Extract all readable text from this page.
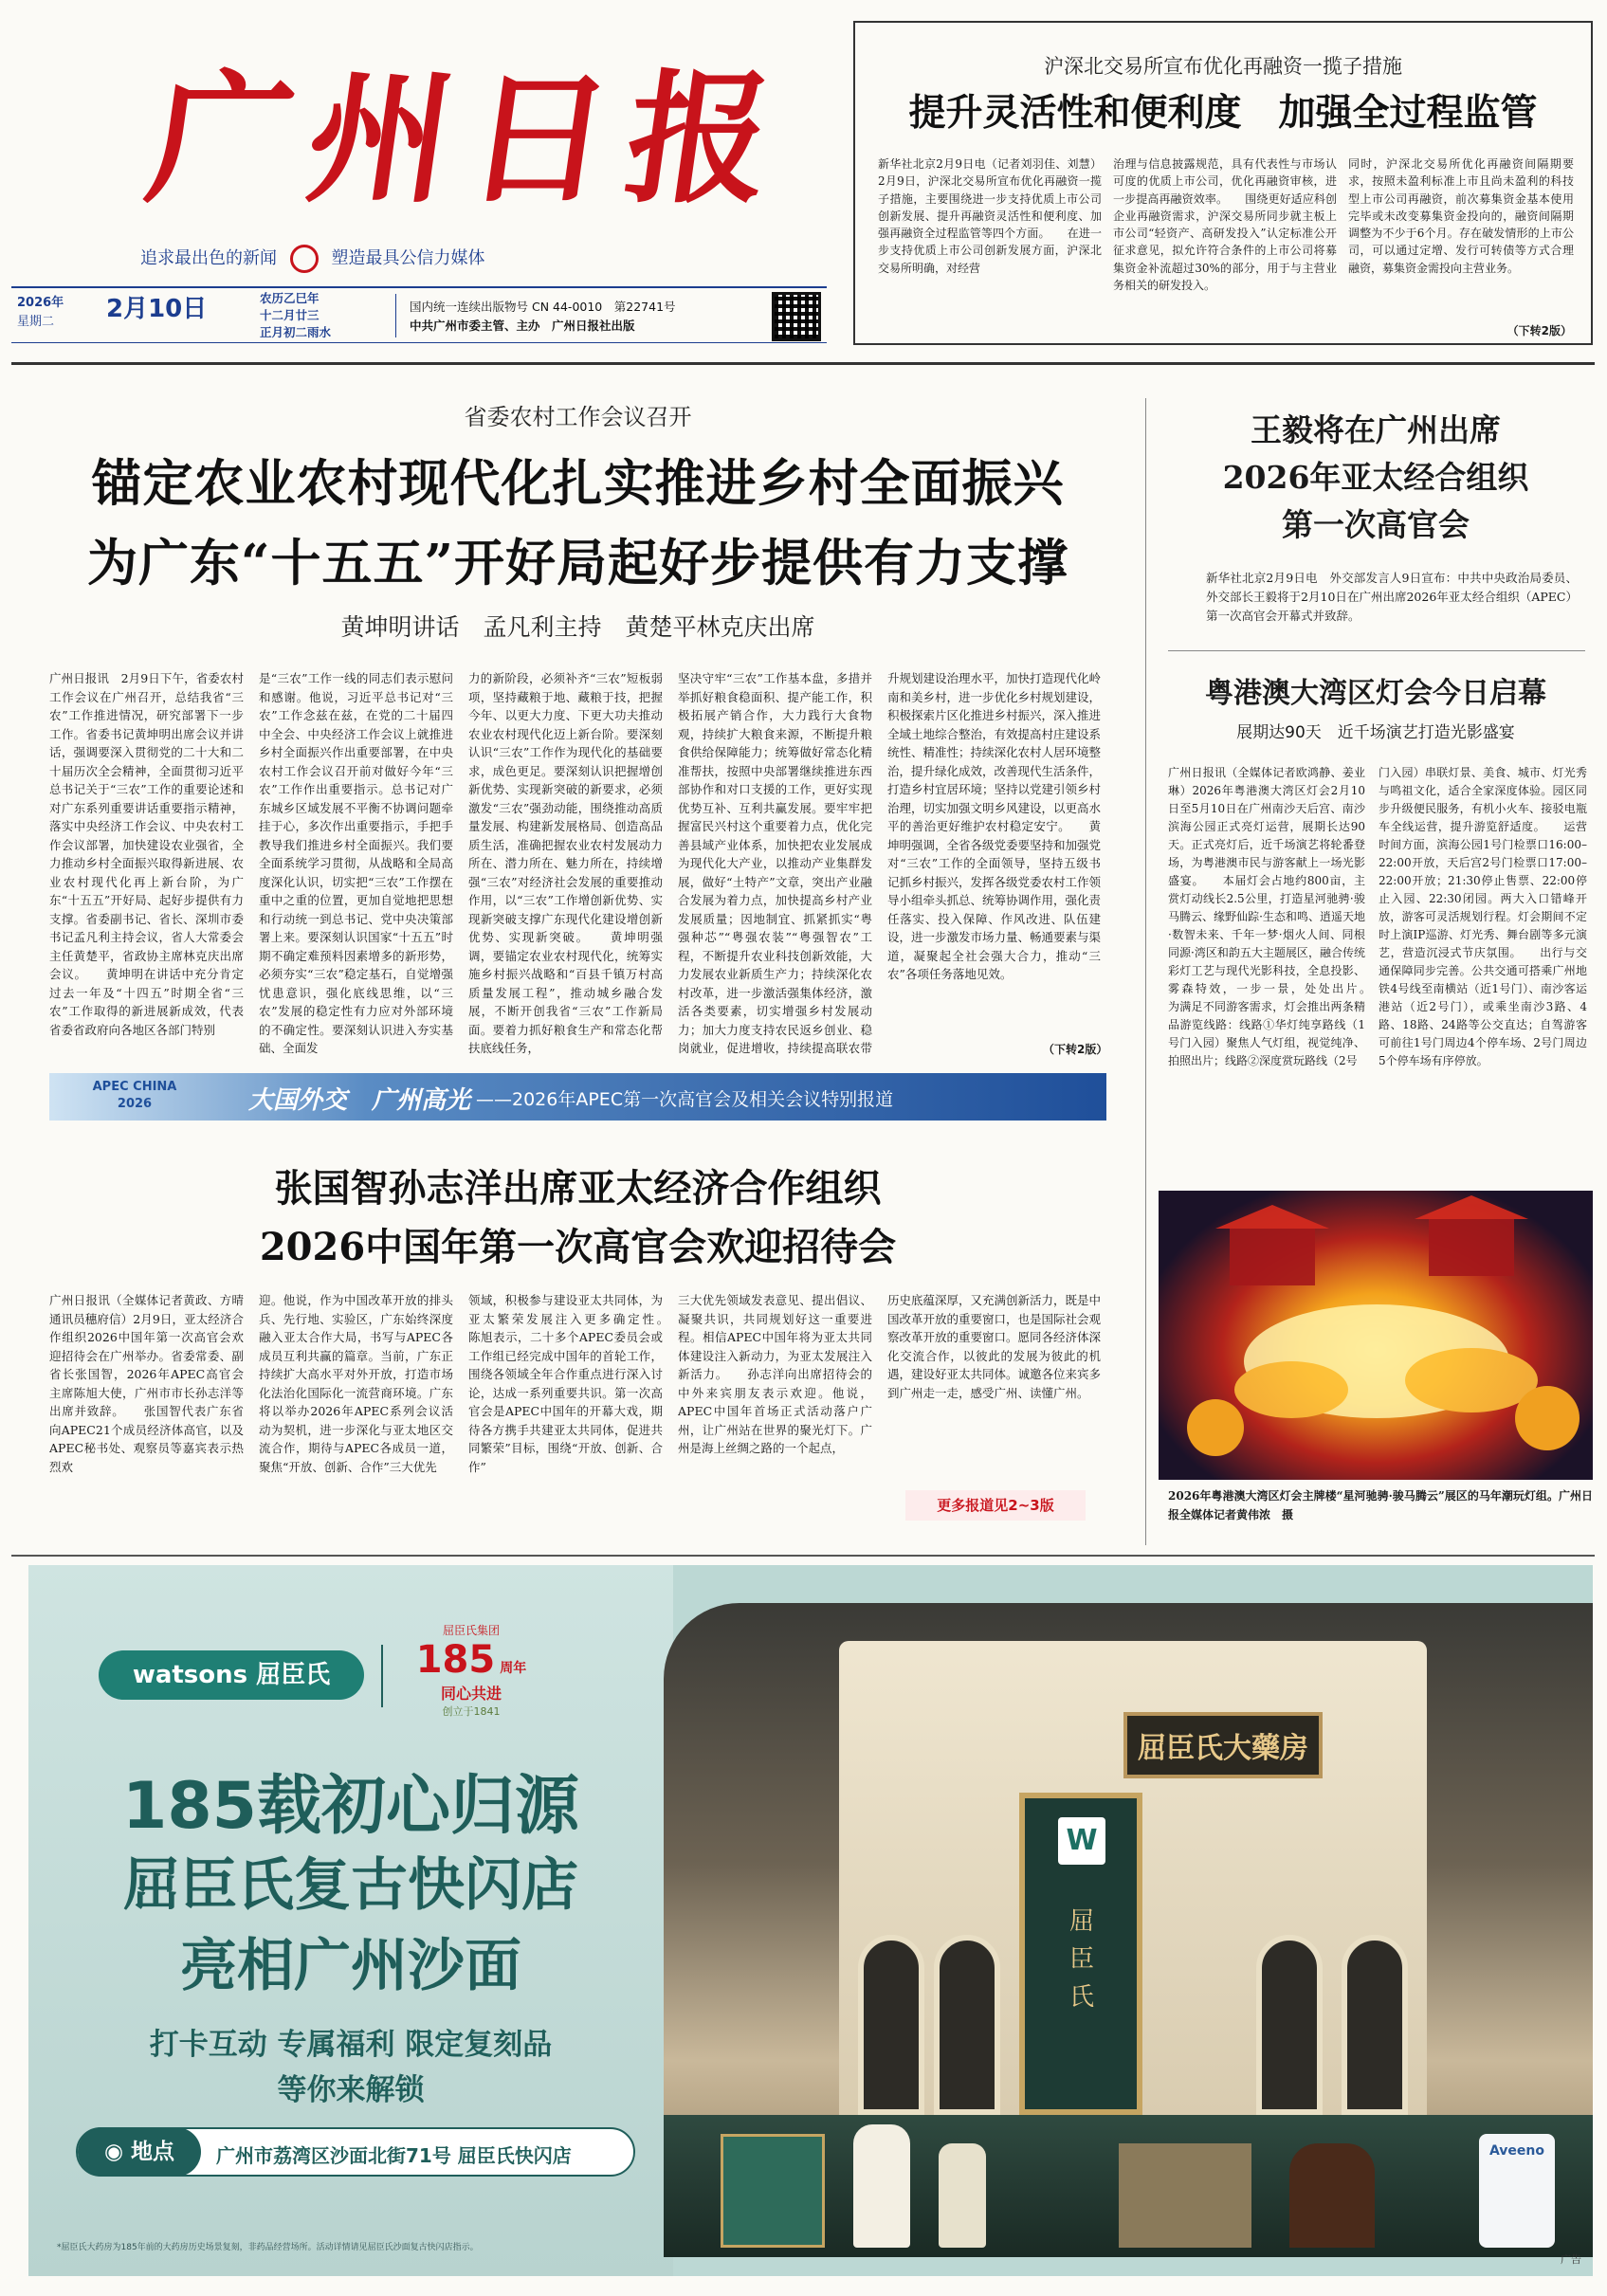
广州日报
追求最出色的新闻	塑造最具公信力媒体
2026年
星期二	2月10日	农历乙巳年
十二月廿三
正月初二雨水
国内统一连续出版物号 CN 44-0010　第22741号
中共广州市委主管、主办　广州日报社出版
沪深北交易所宣布优化再融资一揽子措施
提升灵活性和便利度　加强全过程监管
新华社北京2月9日电（记者刘羽佳、刘慧）2月9日，沪深北交易所宣布优化再融资一揽子措施，主要围绕进一步支持优质上市公司创新发展、提升再融资灵活性和便利度、加强再融资全过程监管等四个方面。　　在进一步支持优质上市公司创新发展方面，沪深北交易所明确，对经营
治理与信息披露规范，具有代表性与市场认可度的优质上市公司，优化再融资审核，进一步提高再融资效率。　　围绕更好适应科创企业再融资需求，沪深交易所同步就主板上市公司“轻资产、高研发投入”认定标准公开征求意见，拟允许符合条件的上市公司将募集资金补流超过30%的部分，用于与主营业务相关的研发投入。
同时，沪深北交易所优化再融资间隔期要求，按照未盈利标准上市且尚未盈利的科技型上市公司再融资，前次募集资金基本使用完毕或未改变募集资金投向的，融资间隔期调整为不少于6个月。存在破发情形的上市公司，可以通过定增、发行可转债等方式合理融资，募集资金需投向主营业务。
（下转2版）
省委农村工作会议召开
锚定农业农村现代化扎实推进乡村全面振兴
为广东“十五五”开好局起好步提供有力支撑
黄坤明讲话　孟凡利主持　黄楚平林克庆出席
广州日报讯　2月9日下午，省委农村工作会议在广州召开，总结我省“三农”工作推进情况，研究部署下一步工作。省委书记黄坤明出席会议并讲话，强调要深入贯彻党的二十大和二十届历次全会精神，全面贯彻习近平总书记关于“三农”工作的重要论述和对广东系列重要讲话重要指示精神，落实中央经济工作会议、中央农村工作会议部署，加快建设农业强省，全力推动乡村全面振兴取得新进展、农业农村现代化再上新台阶，为广东“十五五”开好局、起好步提供有力支撑。省委副书记、省长、深圳市委书记孟凡利主持会议，省人大常委会主任黄楚平，省政协主席林克庆出席会议。　　黄坤明在讲话中充分肯定过去一年及“十四五”时期全省“三农”工作取得的新进展新成效，代表省委省政府向各地区各部门特别
是“三农”工作一线的同志们表示慰问和感谢。他说，习近平总书记对“三农”工作念兹在兹，在党的二十届四中全会、中央经济工作会议上就推进乡村全面振兴作出重要部署，在中央农村工作会议召开前对做好今年“三农”工作作出重要指示。总书记对广东城乡区域发展不平衡不协调问题牵挂于心，多次作出重要指示，手把手教导我们推进乡村全面振兴。我们要全面系统学习贯彻，从战略和全局高度深化认识，切实把“三农”工作摆在重中之重的位置，更加自觉地把思想和行动统一到总书记、党中央决策部署上来。要深刻认识国家“十五五”时期不确定难预料因素增多的新形势，必须夯实“三农”稳定基石，自觉增强忧患意识，强化底线思维，以“三农”发展的稳定性有力应对外部环境的不确定性。要深刻认识进入夯实基础、全面发
力的新阶段，必须补齐“三农”短板弱项，坚持藏粮于地、藏粮于技，把握今年、以更大力度、下更大功夫推动农业农村现代化迈上新台阶。要深刻认识“三农”工作作为现代化的基础要求，成色更足。要深刻认识把握增创新优势、实现新突破的新要求，必须激发“三农”强劲动能，围绕推动高质量发展、构建新发展格局、创造高品质生活，准确把握农业农村发展动力所在、潜力所在、魅力所在，持续增强“三农”对经济社会发展的重要推动作用，以“三农”工作增创新优势、实现新突破支撑广东现代化建设增创新优势、实现新突破。　　黄坤明强调，要锚定农业农村现代化，统筹实施乡村振兴战略和“百县千镇万村高质量发展工程”，推动城乡融合发展，不断开创我省“三农”工作新局面。要着力抓好粮食生产和常态化帮扶底线任务，
坚决守牢“三农”工作基本盘，多措并举抓好粮食稳面积、提产能工作，积极拓展产销合作，大力践行大食物观，持续扩大粮食来源，不断提升粮食供给保障能力；统筹做好常态化精准帮扶，按照中央部署继续推进东西部协作和对口支援的工作，更好实现优势互补、互利共赢发展。要牢牢把握富民兴村这个重要着力点，优化完善县域产业体系，加快把农业发展成为现代化大产业，以推动产业集群发展，做好“土特产”文章，突出产业融合发展为着力点，加快提高乡村产业发展质量；因地制宜、抓紧抓实“粤强种芯”“粤强农装”“粤强智农”工程，不断提升农业科技创新效能，大力发展农业新质生产力；持续深化农村改革，进一步激活强集体经济，激活各类要素，切实增强乡村发展动力；加大力度支持农民返乡创业、稳岗就业，促进增收，持续提高联农带
升规划建设治理水平，加快打造现代化岭南和美乡村，进一步优化乡村规划建设，积极探索片区化推进乡村振兴，深入推进全域土地综合整治，有效提高村庄建设系统性、精准性；持续深化农村人居环境整治，提升绿化成效，改善现代生活条件，打造乡村宜居环境；坚持以党建引领乡村治理，切实加强文明乡风建设，以更高水平的善治更好维护农村稳定安宁。　　黄坤明强调，全省各级党委要坚持和加强党对“三农”工作的全面领导，坚持五级书记抓乡村振兴，发挥各级党委农村工作领导小组牵头抓总、统筹协调作用，强化责任落实、投入保障、作风改进、队伍建设，进一步激发市场力量、畅通要素与渠道，凝聚起全社会强大合力，推动“三农”各项任务落地见效。
（下转2版）
APEC CHINA 2026	大国外交　广州高光 ——2026年APEC第一次高官会及相关会议特别报道
张国智孙志洋出席亚太经济合作组织
2026中国年第一次高官会欢迎招待会
广州日报讯（全媒体记者黄政、方晴　通讯员穗府信）2月9日，亚太经济合作组织2026中国年第一次高官会欢迎招待会在广州举办。省委常委、副省长张国智，2026年APEC高官会主席陈旭大使，广州市市长孙志洋等出席并致辞。　　张国智代表广东省向APEC21个成员经济体高官，以及APEC秘书处、观察员等嘉宾表示热烈欢
迎。他说，作为中国改革开放的排头兵、先行地、实验区，广东始终深度融入亚太合作大局，书写与APEC各成员互利共赢的篇章。当前，广东正持续扩大高水平对外开放，打造市场化法治化国际化一流营商环境。广东将以举办2026年APEC系列会议活动为契机，进一步深化与亚太地区交流合作，期待与APEC各成员一道，聚焦“开放、创新、合作”三大优先
领域，积极参与建设亚太共同体，为亚太繁荣发展注入更多确定性。　　陈旭表示，二十多个APEC委员会或工作组已经完成中国年的首轮工作，围绕各领域全年合作重点进行深入讨论，达成一系列重要共识。第一次高官会是APEC中国年的开幕大戏，期待各方携手共建亚太共同体，促进共同繁荣”目标，围绕“开放、创新、合作”
三大优先领域发表意见、提出倡议、凝聚共识，共同规划好这一重要进程。相信APEC中国年将为亚太共同体建设注入新动力，为亚太发展注入新活力。　　孙志洋向出席招待会的中外来宾朋友表示欢迎。他说，APEC中国年首场正式活动落户广州，让广州站在世界的聚光灯下。广州是海上丝绸之路的一个起点，
历史底蕴深厚，又充满创新活力，既是中国改革开放的重要窗口，也是国际社会观察改革开放的重要窗口。愿同各经济体深化交流合作，以彼此的发展为彼此的机遇，建设好亚太共同体。诚邀各位来宾多到广州走一走，感受广州、读懂广州。
更多报道见2~3版
王毅将在广州出席
2026年亚太经合组织
第一次高官会
新华社北京2月9日电　外交部发言人9日宣布：中共中央政治局委员、外交部长王毅将于2月10日在广州出席2026年亚太经合组织（APEC）第一次高官会开幕式并致辞。
粤港澳大湾区灯会今日启幕
展期达90天　近千场演艺打造光影盛宴
广州日报讯（全媒体记者欧鸿静、姜业琳）2026年粤港澳大湾区灯会2月10日至5月10日在广州南沙天后宫、南沙滨海公园正式亮灯运营，展期长达90天。正式亮灯后，近千场演艺将轮番登场，为粤港澳市民与游客献上一场光影盛宴。　　本届灯会占地约800亩，主赏灯动线长2.5公里，打造星河驰骋·骏马腾云、缘野仙踪·生态和鸣、逍遥天地·数智未来、千年一梦·烟火人间、同根同源·湾区和韵五大主题展区，融合传统彩灯工艺与现代光影科技，全息投影、雾森特效，一步一景，处处出片。　　为满足不同游客需求，灯会推出两条精品游览线路：线路①华灯纯享路线（1号门入园）聚焦人气灯组，视觉纯净、拍照出片；线路②深度赏玩路线（2号
门入园）串联灯景、美食、城市、灯光秀与鸣祖文化，适合全家深度体验。园区同步升级便民服务，有机小火车、接驳电瓶车全线运营，提升游览舒适度。　　运营时间方面，滨海公园1号门检票口16:00–22:00开放，天后宫2号门检票口17:00–22:00开放；21:30停止售票、22:00停止入园、22:30闭园。两大入口错峰开放，游客可灵活规划行程。灯会期间不定时上演IP巡游、灯光秀、舞台剧等多元演艺，营造沉浸式节庆氛围。　　出行与交通保障同步完善。公共交通可搭乘广州地铁4号线至南横站（近1号门）、南沙客运港站（近2号门），或乘坐南沙3路、4路、18路、24路等公交直达；自驾游客可前往1号门周边4个停车场、2号门周边5个停车场有序停放。
2026年粤港澳大湾区灯会主牌楼“星河驰骋·骏马腾云”展区的马年潮玩灯组。广州日报全媒体记者黄伟浓　摄
watsons 屈臣氏
屈臣氏集团
185 周年
同心共进
创立于1841
185载初心归源
屈臣氏复古快闪店
亮相广州沙面
打卡互动 专属福利 限定复刻品
等你来解锁
◉ 地点	广州市荔湾区沙面北街71号 屈臣氏快闪店
*屈臣氏大药房为185年前的大药房历史场景复刻，非药品经营场所。活动详情请见屈臣氏沙面复古快闪店指示。
W
屈臣氏
屈臣氏大藥房
Aveeno
广告
